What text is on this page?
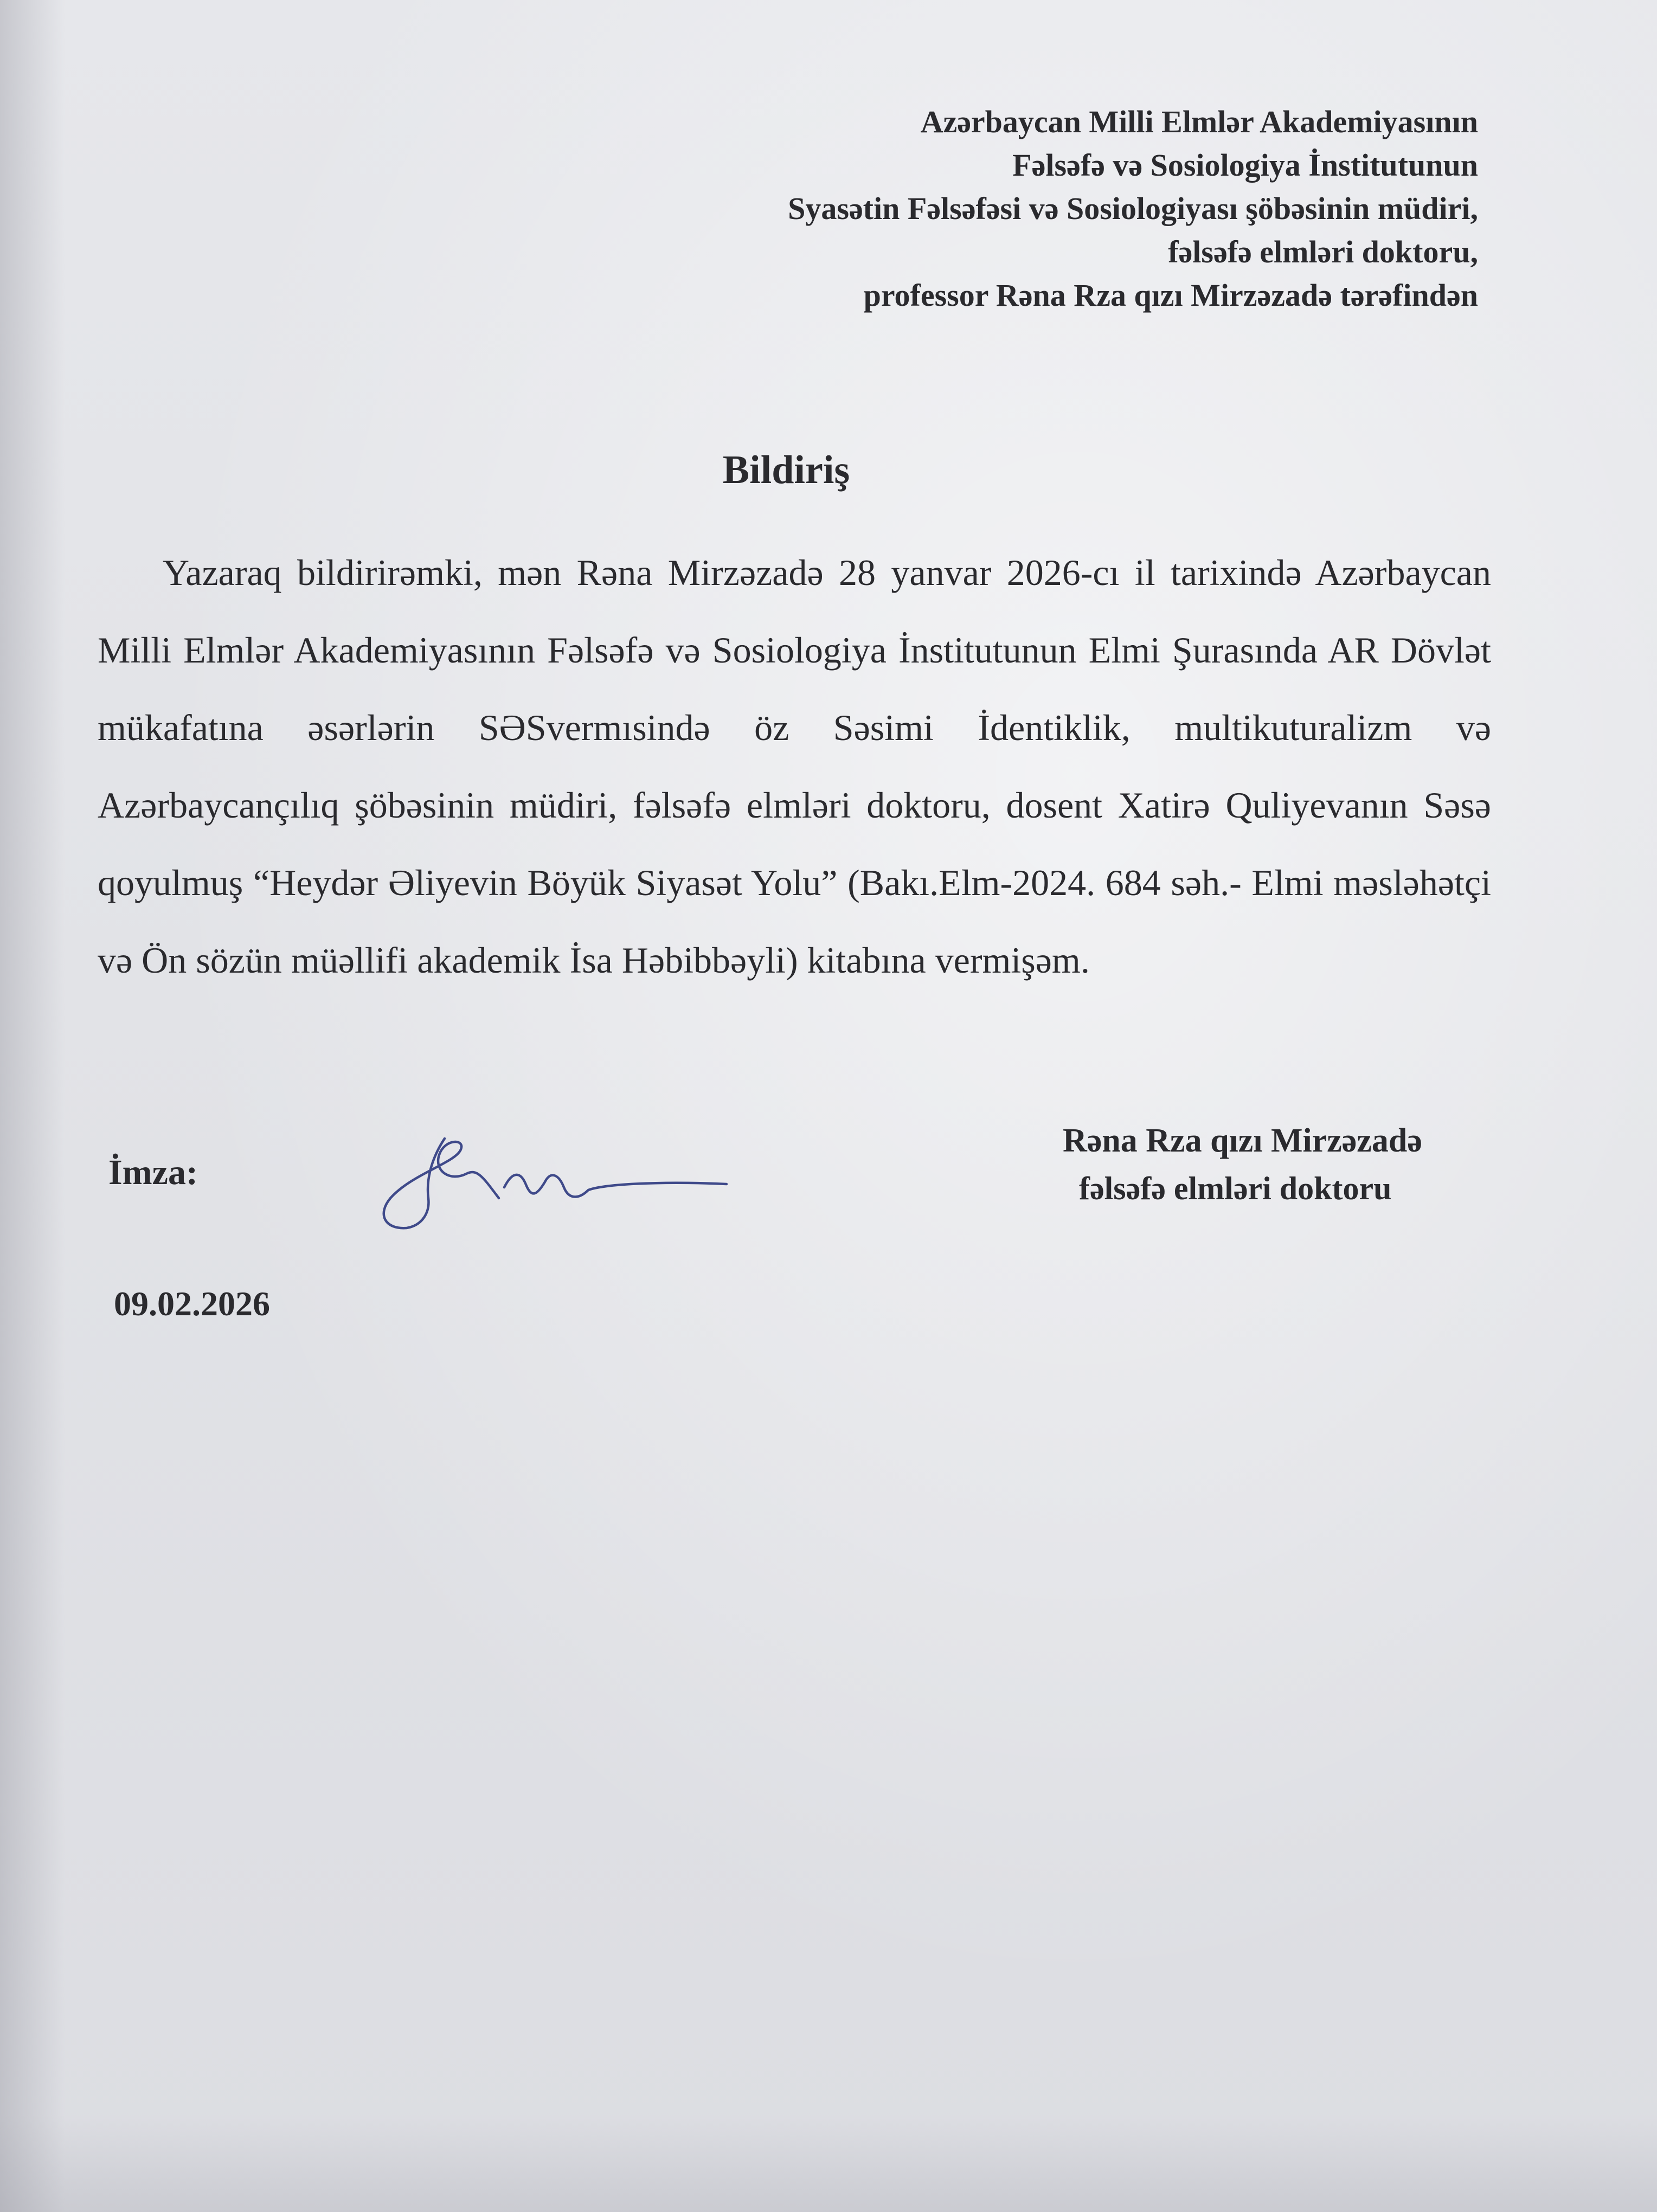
Azərbaycan Milli Elmlər Akademiyasının
Fəlsəfə və Sosiologiya İnstitutunun
Syasətin Fəlsəfəsi və Sosiologiyası şöbəsinin müdiri,
fəlsəfə elmləri doktoru,
professor Rəna Rza qızı Mirzəzadə tərəfindən
Bildiriş
Yazaraq bildirirəmki, mən Rəna Mirzəzadə 28 yanvar 2026-cı il tarixində Azərbaycan Milli Elmlər Akademiyasının Fəlsəfə və Sosiologiya İnstitutunun Elmi Şurasında AR Dövlət mükafatına əsərlərin SƏSvermısində öz Səsimi İdentiklik, multikuturalizm və Azərbaycançılıq şöbəsinin müdiri, fəlsəfə elmləri doktoru, dosent Xatirə Quliyevanın Səsə qoyulmuş “Heydər Əliyevin Böyük Siyasət Yolu” (Bakı.Elm-2024. 684 səh.- Elmi məsləhətçi və Ön sözün müəllifi akademik İsa Həbibbəyli) kitabına vermişəm.
İmza:
Rəna Rza qızı Mirzəzadə
fəlsəfə elmləri doktoru
09.02.2026
